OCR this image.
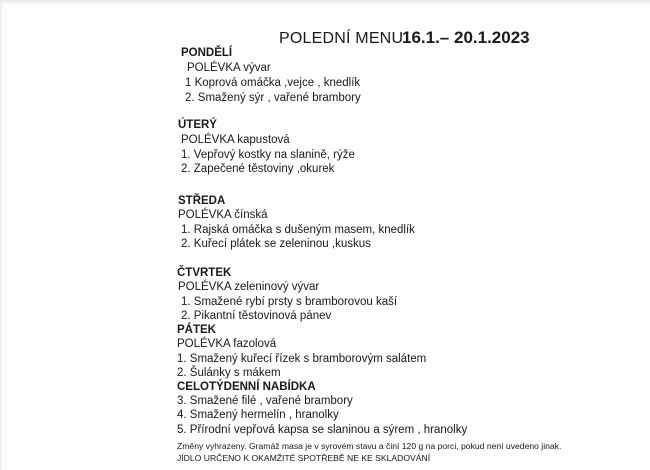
POLEDNÍ MENU
16.1.– 20.1.2023
PONDĚLÍ
POLÉVKA vývar
1 Koprová omáčka ,vejce , knedlík
2. Smažený sýr , vařené brambory
ÚTERÝ
POLÉVKA kapustová
1. Vepřový kostky na slanině, rýže
2. Zapečené těstoviny ,okurek
STŘEDA
POLÉVKA čínská
1. Rajská omáčka s dušeným masem, knedlík
2. Kuřecí plátek se zeleninou ,kuskus
ČTVRTEK
POLÉVKA zeleninový vývar
1. Smažené rybí prsty s bramborovou kaší
2. Pikantní těstovinová pánev
PÁTEK
POLÉVKA fazolová
1. Smažený kuřecí řízek s bramborovým salátem
2. Šulánky s mákem
CELOTÝDENNÍ NABÍDKA
3. Smažené filé , vařené brambory
4. Smažený hermelín , hranolky
5. Přírodní vepřová kapsa se slaninou a sýrem , hranolky
Změny vyhrazeny. Gramáž masa je v syrovém stavu a činí 120 g na porci, pokud není uvedeno jinak.
JÍDLO URČENO K OKAMŽITÉ SPOTŘEBĚ NE KE SKLADOVÁNÍ
